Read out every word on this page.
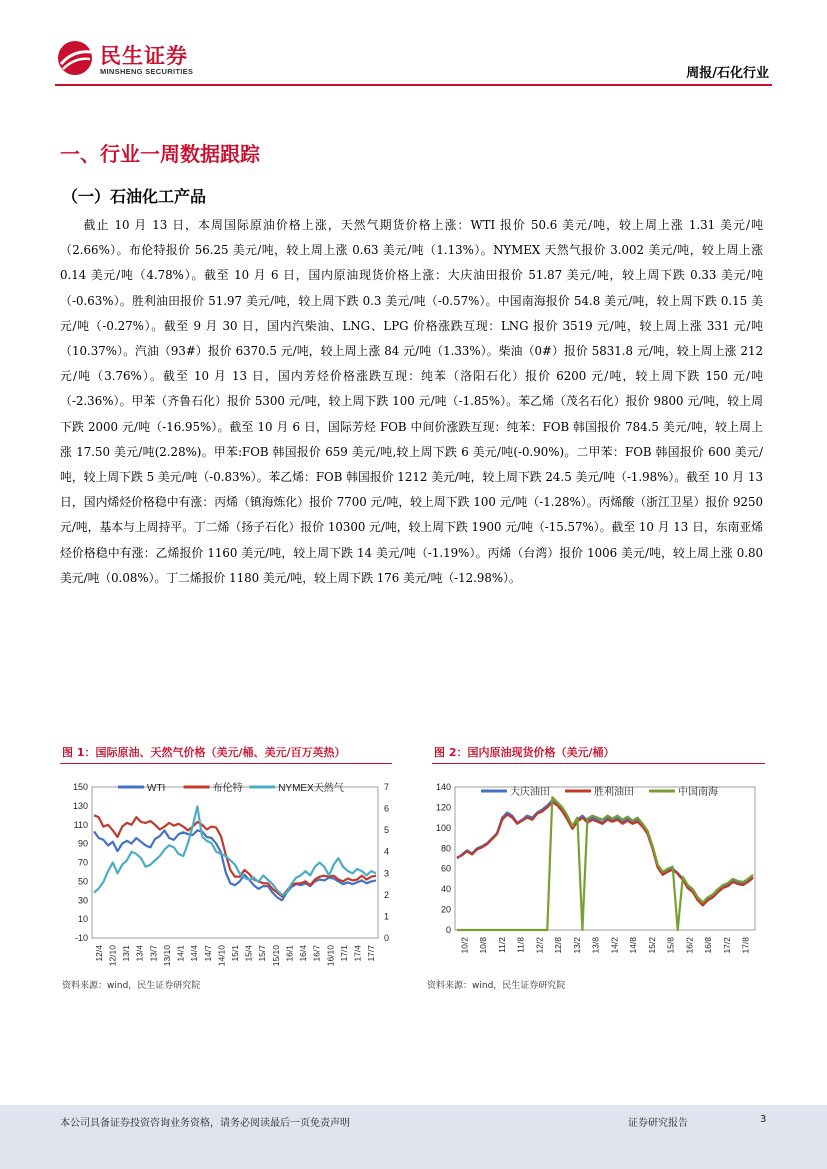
民生证券
MINSHENG SECURITIES	周报/石化行业
一、行业一周数据跟踪
（一）石油化工产品
截止 10 月 13 日，本周国际原油价格上涨，天然气期货价格上涨：WTI 报价 50.6 美元/吨，较上周上涨 1.31 美元/吨（2.66%）。布伦特报价 56.25 美元/吨，较上周上涨 0.63 美元/吨（1.13%）。NYMEX 天然气报价 3.002 美元/吨，较上周上涨 0.14 美元/吨（4.78%）。截至 10 月 6 日，国内原油现货价格上涨：大庆油田报价 51.87 美元/吨，较上周下跌 0.33 美元/吨（-0.63%）。胜利油田报价 51.97 美元/吨，较上周下跌 0.3 美元/吨（-0.57%）。中国南海报价 54.8 美元/吨，较上周下跌 0.15 美元/吨（-0.27%）。截至 9 月 30 日，国内汽柴油、LNG、LPG 价格涨跌互现：LNG 报价 3519 元/吨，较上周上涨 331 元/吨（10.37%）。汽油（93#）报价 6370.5 元/吨，较上周上涨 84 元/吨（1.33%）。柴油（0#）报价 5831.8 元/吨，较上周上涨 212 元/吨（3.76%）。截至 10 月 13 日，国内芳烃价格涨跌互现：纯苯（洛阳石化）报价 6200 元/吨，较上周下跌 150 元/吨（-2.36%）。甲苯（齐鲁石化）报价 5300 元/吨，较上周下跌 100 元/吨（-1.85%）。苯乙烯（茂名石化）报价 9800 元/吨，较上周下跌 2000 元/吨（-16.95%）。截至 10 月 6 日，国际芳烃 FOB 中间价涨跌互现：纯苯：FOB 韩国报价 784.5 美元/吨，较上周上涨 17.50 美元/吨(2.28%)。甲苯:FOB 韩国报价 659 美元/吨,较上周下跌 6 美元/吨(-0.90%)。二甲苯：FOB 韩国报价 600 美元/吨，较上周下跌 5 美元/吨（-0.83%）。苯乙烯：FOB 韩国报价 1212 美元/吨，较上周下跌 24.5 美元/吨（-1.98%）。截至 10 月 13 日，国内烯烃价格稳中有涨：丙烯（镇海炼化）报价 7700 元/吨，较上周下跌 100 元/吨（-1.28%）。丙烯酸（浙江卫星）报价 9250 元/吨，基本与上周持平。丁二烯（扬子石化）报价 10300 元/吨，较上周下跌 1900 元/吨（-15.57%）。截至 10 月 13 日，东南亚烯烃价格稳中有涨：乙烯报价 1160 美元/吨，较上周下跌 14 美元/吨（-1.19%）。丙烯（台湾）报价 1006 美元/吨，较上周上涨 0.80 美元/吨（0.08%）。丁二烯报价 1180 美元/吨，较上周下跌 176 美元/吨（-12.98%）。
图 1：国际原油、天然气价格（美元/桶、美元/百万英热）
-10
10
30
50
70
90
110
130
150
0
1
2
3
4
5
6
7
12/4 12/10 13/1 13/4 13/7 13/10 14/1 14/4 14/7 14/10 15/1 15/4 15/7 15/10 16/1 16/4 16/7 16/10 17/1 17/4 17/7
WTI	布伦特	NYMEX天然气
资料来源：wind，民生证券研究院
图 2：国内原油现货价格（美元/桶）
0
20
40
60
80
100
120
140
10/2 10/8 11/2 11/8 12/2 12/8 13/2 13/8 14/2 14/8 15/2 15/8 16/2 16/8 17/2 17/8
大庆油田	胜利油田	中国南海
资料来源：wind，民生证券研究院
本公司具备证券投资咨询业务资格，请务必阅读最后一页免责声明	证券研究报告	3
